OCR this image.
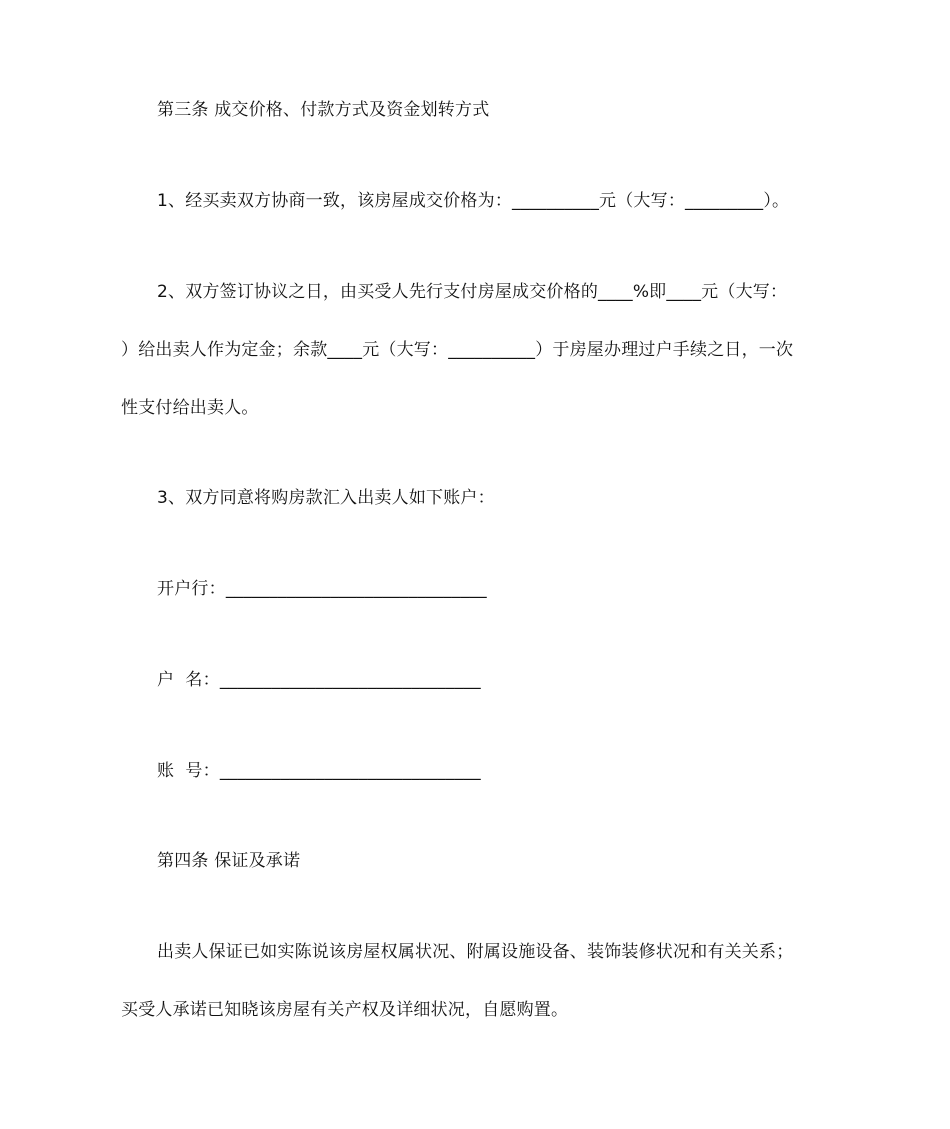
第三条 成交价格、付款方式及资金划转方式
1、经买卖双方协商一致，该房屋成交价格为：__________元（大写：_________）。
2、双方签订协议之日，由买受人先行支付房屋成交价格的____%即____元（大写：
）给出卖人作为定金；余款____元（大写：__________）于房屋办理过户手续之日，一次
性支付给出卖人。
3、双方同意将购房款汇入出卖人如下账户：
开户行：______________________________
户  名：______________________________
账  号：______________________________
第四条 保证及承诺
出卖人保证已如实陈说该房屋权属状况、附属设施设备、装饰装修状况和有关关系；
买受人承诺已知晓该房屋有关产权及详细状况，自愿购置。
